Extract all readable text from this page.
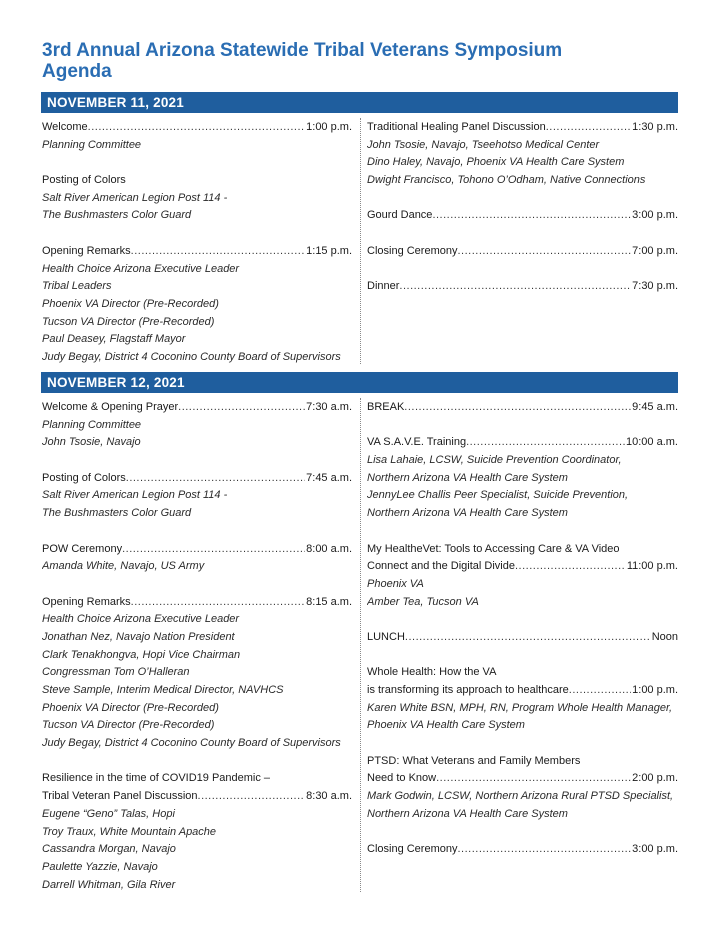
3rd Annual Arizona Statewide Tribal Veterans Symposium
Agenda
NOVEMBER 11, 2021
Welcome .....	1:00 p.m.
Planning Committee
Posting of Colors
Salt River American Legion Post 114 -
The Bushmasters Color Guard
Opening Remarks .....	1:15 p.m.
Health Choice Arizona Executive Leader
Tribal Leaders
Phoenix VA Director (Pre-Recorded)
Tucson VA Director (Pre-Recorded)
Paul Deasey, Flagstaff Mayor
Judy Begay, District 4 Coconino County Board of Supervisors
Traditional Healing Panel Discussion .....	1:30 p.m.
John Tsosie, Navajo, Tseehotso Medical Center
Dino Haley, Navajo, Phoenix VA Health Care System
Dwight Francisco, Tohono O’Odham, Native Connections
Gourd Dance .....	3:00 p.m.
Closing Ceremony .....	7:00 p.m.
Dinner .....	7:30 p.m.
NOVEMBER 12, 2021
Welcome & Opening Prayer .....	7:30 a.m.
Planning Committee
John Tsosie, Navajo
Posting of Colors .....	7:45 a.m.
Salt River American Legion Post 114 -
The Bushmasters Color Guard
POW Ceremony .....	8:00 a.m.
Amanda White, Navajo, US Army
Opening Remarks .....	8:15 a.m.
Health Choice Arizona Executive Leader
Jonathan Nez, Navajo Nation President
Clark Tenakhongva, Hopi Vice Chairman
Congressman Tom O’Halleran
Steve Sample, Interim Medical Director, NAVHCS
Phoenix VA Director (Pre-Recorded)
Tucson VA Director (Pre-Recorded)
Judy Begay, District 4 Coconino County Board of Supervisors
Resilience in the time of COVID19 Pandemic –
Tribal Veteran Panel Discussion .....	8:30 a.m.
Eugene “Geno” Talas, Hopi
Troy Traux, White Mountain Apache
Cassandra Morgan, Navajo
Paulette Yazzie, Navajo
Darrell Whitman, Gila River
BREAK .....	9:45 a.m.
VA S.A.V.E. Training .....	10:00 a.m.
Lisa Lahaie, LCSW, Suicide Prevention Coordinator,
Northern Arizona VA Health Care System
JennyLee Challis Peer Specialist, Suicide Prevention,
Northern Arizona VA Health Care System
My HealtheVet: Tools to Accessing Care & VA Video
Connect and the Digital Divide .....	11:00 p.m.
Phoenix VA
Amber Tea, Tucson VA
LUNCH .....	Noon
Whole Health: How the VA
is transforming its approach to healthcare .....	1:00 p.m.
Karen White BSN, MPH, RN, Program Whole Health Manager,
Phoenix VA Health Care System
PTSD: What Veterans and Family Members
Need to Know .....	2:00 p.m.
Mark Godwin, LCSW, Northern Arizona Rural PTSD Specialist,
Northern Arizona VA Health Care System
Closing Ceremony .....	3:00 p.m.
